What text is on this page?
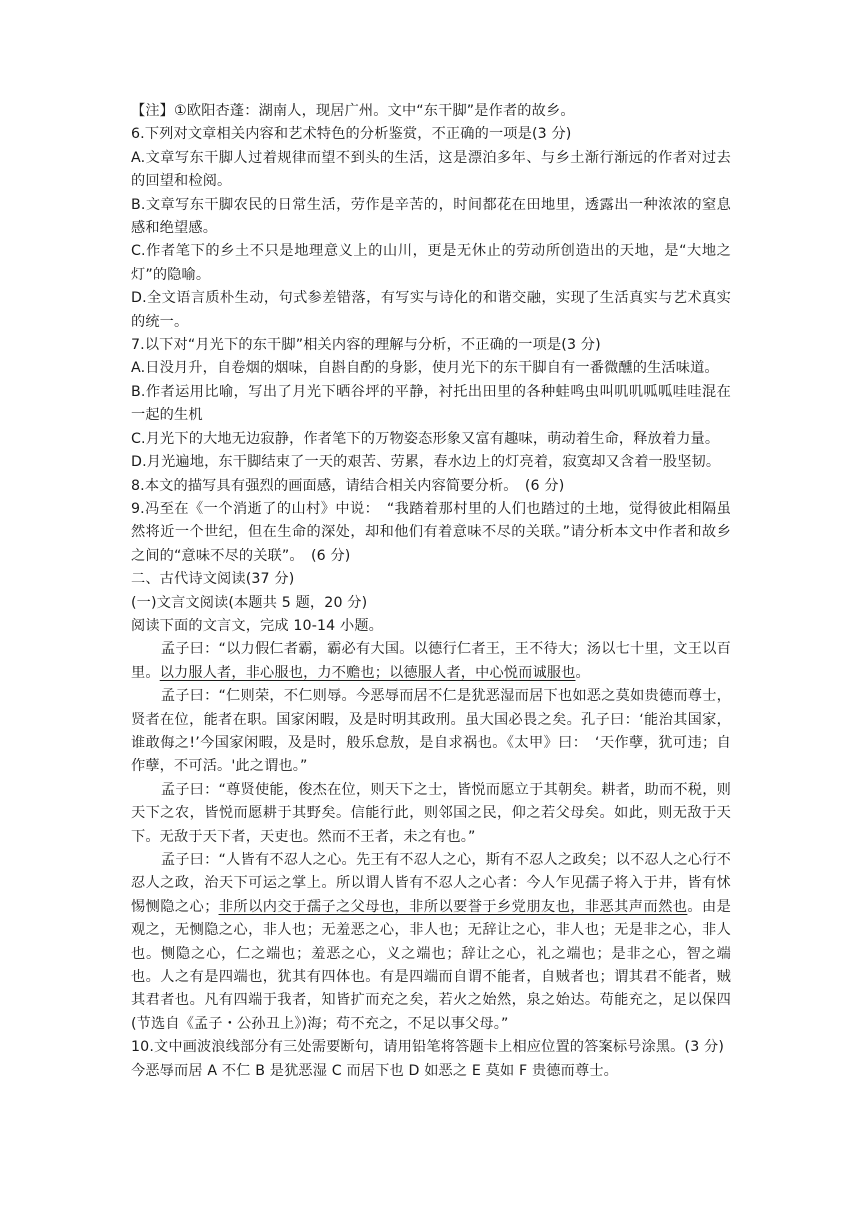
【注】①欧阳杏蓬：湖南人，现居广州。文中“东干脚”是作者的故乡。

6.下列对文章相关内容和艺术特色的分析鉴赏，不正确的一项是(3 分)

A.文章写东干脚人过着规律而望不到头的生活，这是漂泊多年、与乡土渐行渐远的作者对过去的回望和检阅。

B.文章写东干脚农民的日常生活，劳作是辛苦的，时间都花在田地里，透露出一种浓浓的窒息感和绝望感。

C.作者笔下的乡土不只是地理意义上的山川，更是无休止的劳动所创造出的天地，是“大地之灯”的隐喻。

D.全文语言质朴生动，句式参差错落，有写实与诗化的和谐交融，实现了生活真实与艺术真实的统一。

7.以下对“月光下的东干脚”相关内容的理解与分析，不正确的一项是(3 分)

A.日没月升，自卷烟的烟味，自斟自酌的身影，使月光下的东干脚自有一番微醺的生活味道。

B.作者运用比喻，写出了月光下晒谷坪的平静，衬托出田里的各种蛙鸣虫叫叽叽呱呱哇哇混在一起的生机

C.月光下的大地无边寂静，作者笔下的万物姿态形象又富有趣味，萌动着生命，释放着力量。

D.月光遍地，东干脚结束了一天的艰苦、劳累，春水边上的灯亮着，寂寞却又含着一股坚韧。

8.本文的描写具有强烈的画面感，请结合相关内容简要分析。　(6 分)

9.冯至在《一个消逝了的山村》中说：　“我踏着那村里的人们也踏过的土地，觉得彼此相隔虽然将近一个世纪，但在生命的深处，却和他们有着意味不尽的关联。”请分析本文中作者和故乡之间的“意味不尽的关联”。　(6 分)

二、古代诗文阅读(37 分)

(一)文言文阅读(本题共 5 题，20 分)

阅读下面的文言文，完成 10-14 小题。

孟子曰：“以力假仁者霸，霸必有大国。以德行仁者王，王不待大；汤以七十里，文王以百里。以力服人者，非心服也，力不赡也；以德服人者，中心悦而诚服也。

孟子曰：“仁则荣，不仁则辱。今恶辱而居不仁是犹恶湿而居下也如恶之莫如贵德而尊士，贤者在位，能者在职。国家闲暇，及是时明其政刑。虽大国必畏之矣。孔子曰：‘能治其国家，谁敢侮之!’今国家闲暇，及是时，般乐怠敖，是自求祸也。《太甲》曰：　‘天作孽，犹可违；自作孽，不可活。'此之谓也。”

孟子曰：“尊贤使能，俊杰在位，则天下之士，皆悦而愿立于其朝矣。耕者，助而不税，则天下之农，皆悦而愿耕于其野矣。信能行此，则邻国之民，仰之若父母矣。如此，则无敌于天下。无敌于天下者，天吏也。然而不王者，未之有也。”

孟子曰：“人皆有不忍人之心。先王有不忍人之心，斯有不忍人之政矣；以不忍人之心行不忍人之政，治天下可运之掌上。所以谓人皆有不忍人之心者：今人乍见孺子将入于井，皆有怵惕恻隐之心；非所以内交于孺子之父母也，非所以要誉于乡党朋友也，非恶其声而然也。由是观之，无恻隐之心，非人也；无羞恶之心，非人也；无辞让之心，非人也；无是非之心，非人也。恻隐之心，仁之端也；羞恶之心，义之端也；辞让之心，礼之端也；是非之心，智之端也。人之有是四端也，犹其有四体也。有是四端而自谓不能者，自贼者也；谓其君不能者，贼其君者也。凡有四端于我者，知皆扩而充之矣，若火之始然，泉之始达。苟能充之，足以保四(节选自《孟子・公孙丑上》)海；苟不充之，不足以事父母。”

10.文中画波浪线部分有三处需要断句，请用铅笔将答题卡上相应位置的答案标号涂黑。(3 分)

今恶辱而居 A 不仁 B 是犹恶湿 C 而居下也 D 如恶之 E 莫如 F 贵德而尊士。
